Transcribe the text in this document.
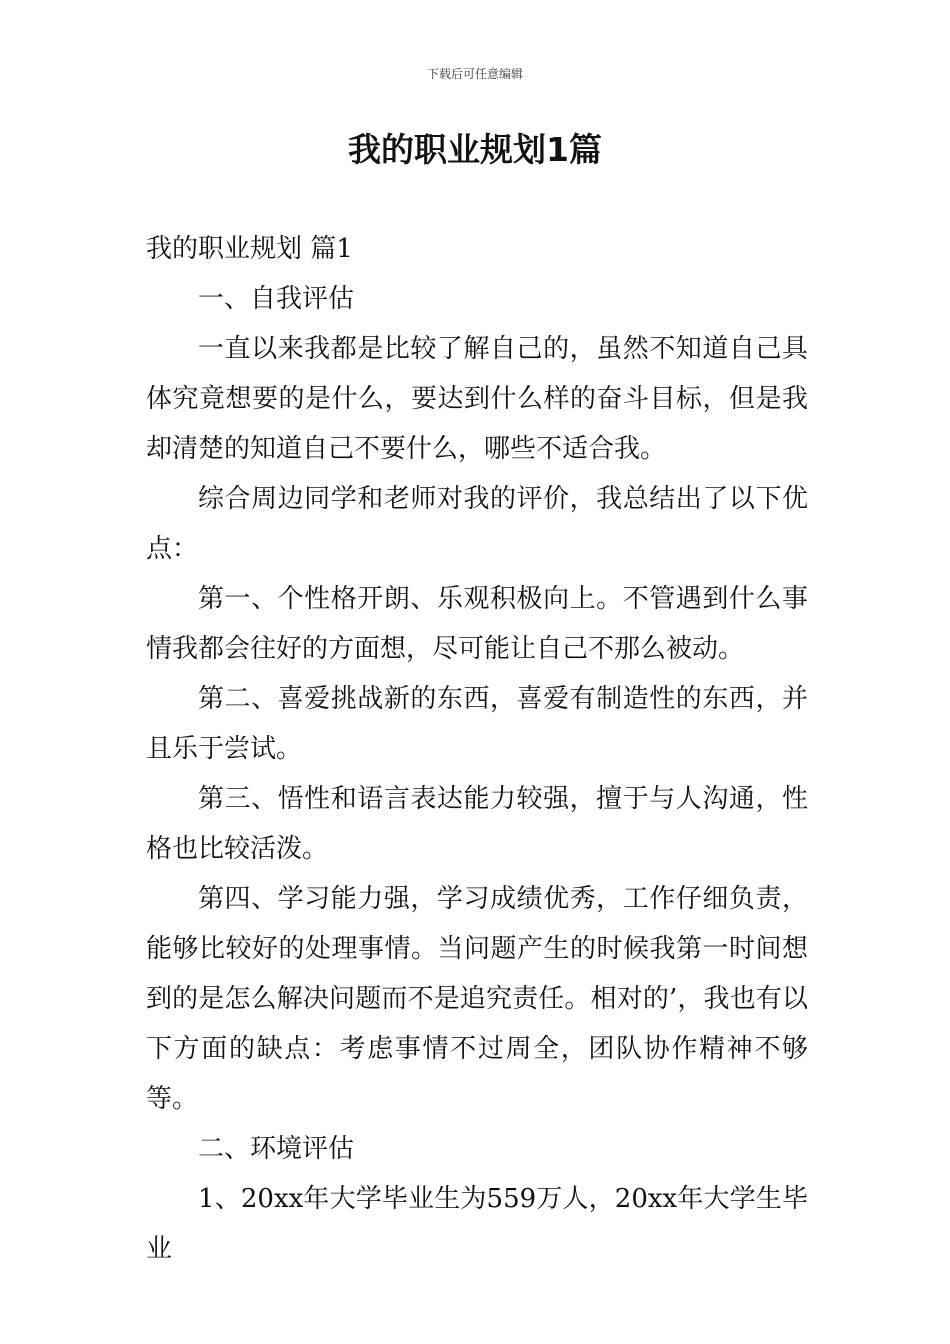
下载后可任意编辑
我的职业规划1篇

我的职业规划 篇1

一、自我评估

一直以来我都是比较了解自己的，虽然不知道自己具体究竟想要的是什么，要达到什么样的奋斗目标，但是我却清楚的知道自己不要什么，哪些不适合我。

综合周边同学和老师对我的评价，我总结出了以下优点：

第一、个性格开朗、乐观积极向上。不管遇到什么事情我都会往好的方面想，尽可能让自己不那么被动。

第二、喜爱挑战新的东西，喜爱有制造性的东西，并且乐于尝试。

第三、悟性和语言表达能力较强，擅于与人沟通，性格也比较活泼。

第四、学习能力强，学习成绩优秀，工作仔细负责，能够比较好的处理事情。当问题产生的时候我第一时间想到的是怎么解决问题而不是追究责任。相对的’，我也有以下方面的缺点：考虑事情不过周全，团队协作精神不够等。

二、环境评估

1、20xx年大学毕业生为559万人，20xx年大学生毕业
